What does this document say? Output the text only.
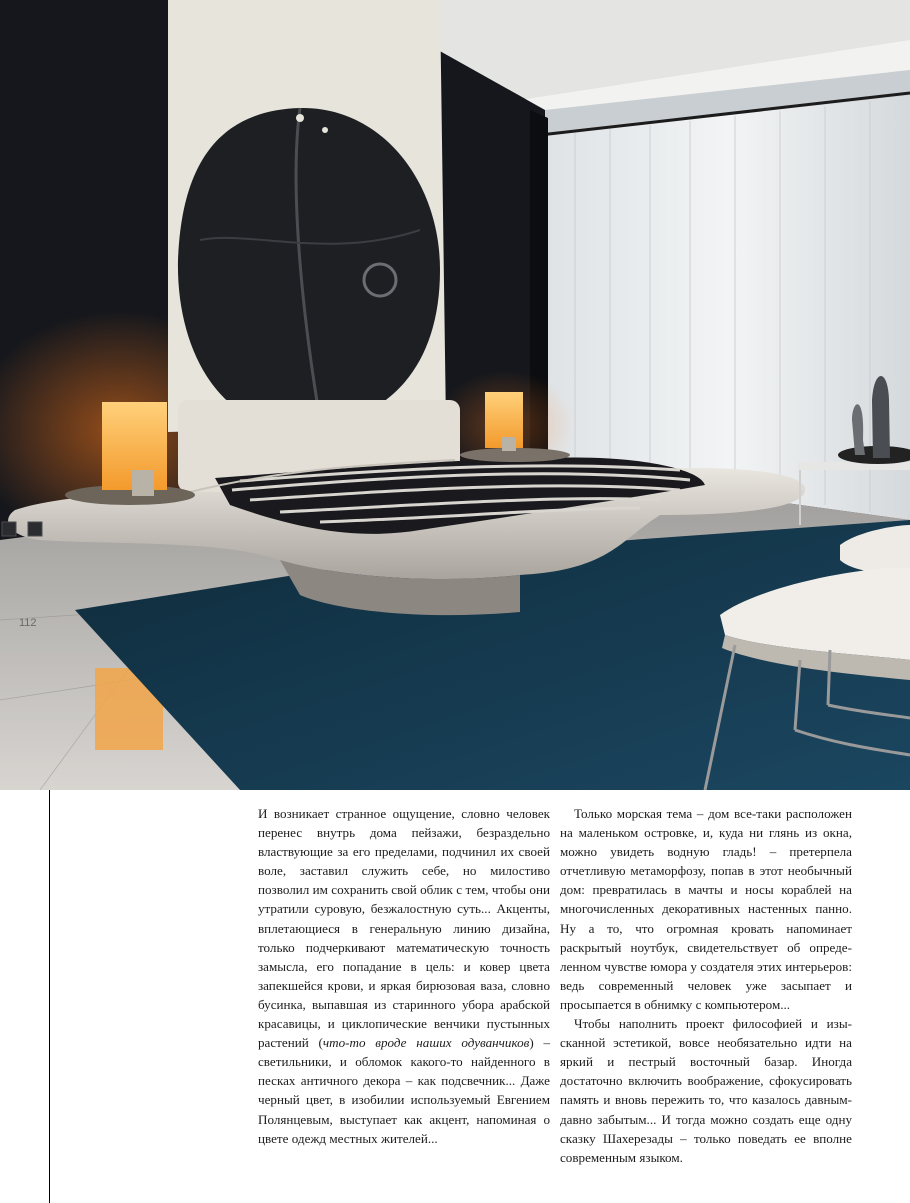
112

И возникает странное ощущение, словно человек перенес внутрь дома пейзажи, безраздельно властвующие за его пределами, подчинил их своей воле, заставил служить себе, но милостиво позволил им сохранить свой облик с тем, чтобы они утратили суровую, безжалостную суть... Акценты, вплетающиеся в генеральную линию дизайна, только подчеркивают математическую точность замысла, его попадание в цель: и ковер цвета запекшейся крови, и яркая бирюзовая ваза, словно бусинка, выпавшая из старинного убора арабской красавицы, и циклопические венчики пустынных растений (что-то вроде наших одуванчиков) – светильники, и обломок какого-то найденного в песках античного декора – как подсвечник... Даже черный цвет, в изобилии используемый Евгением Полянцевым, выступает как акцент, напоминая о цвете одежд местных жителей...

Только морская тема – дом все-таки расположен на маленьком островке, и, куда ни глянь из окна, можно увидеть водную гладь! – претерпела отчетливую метаморфозу, попав в этот необычный дом: превратилась в мачты и носы кораблей на многочисленных декоративных настенных панно. Ну а то, что огромная кровать напоминает раскрытый ноутбук, свидетельствует об определенном чувстве юмора у создателя этих интерьеров: ведь современный человек уже засыпает и просыпается в обнимку с компьютером...

Чтобы наполнить проект философией и изысканной эстетикой, вовсе необязательно идти на яркий и пестрый восточный базар. Иногда достаточно включить воображение, сфокусировать память и вновь пережить то, что казалось давным-давно забытым... И тогда можно создать еще одну сказку Шахерезады – только поведать ее вполне современным языком.
